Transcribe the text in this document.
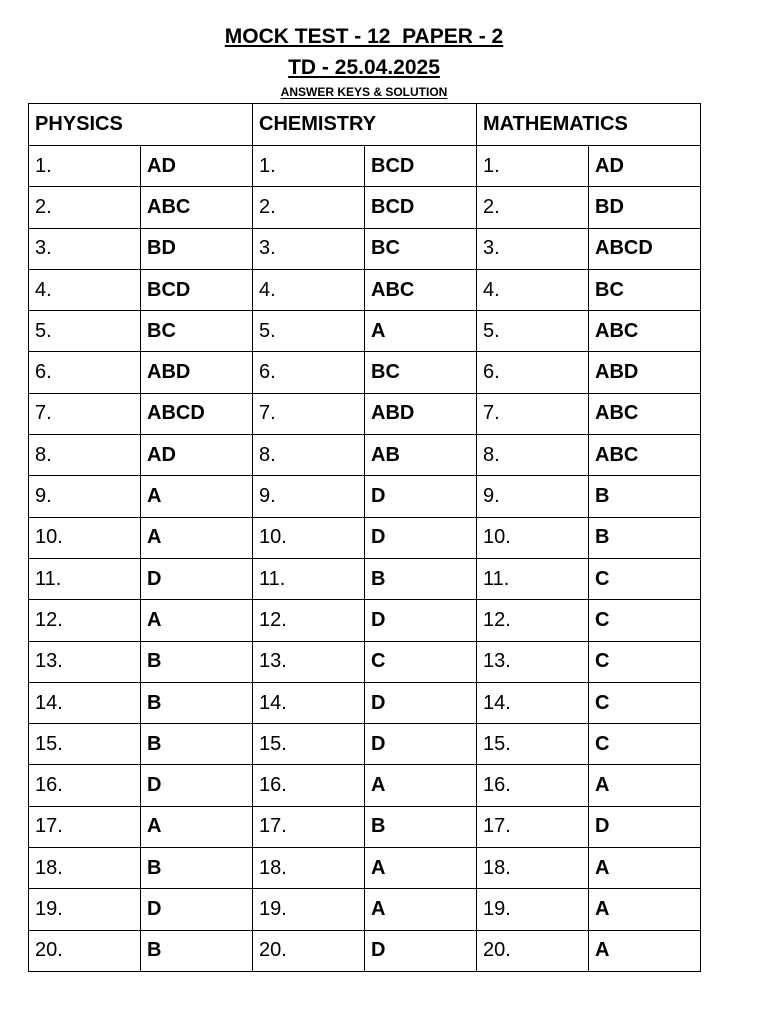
MOCK TEST - 12  PAPER - 2
TD - 25.04.2025
ANSWER KEYS & SOLUTION
PHYSICS		CHEMISTRY		MATHEMATICS	
1.	AD	1.	BCD	1.	AD
2.	ABC	2.	BCD	2.	BD
3.	BD	3.	BC	3.	ABCD
4.	BCD	4.	ABC	4.	BC
5.	BC	5.	A	5.	ABC
6.	ABD	6.	BC	6.	ABD
7.	ABCD	7.	ABD	7.	ABC
8.	AD	8.	AB	8.	ABC
9.	A	9.	D	9.	B
10.	A	10.	D	10.	B
11.	D	11.	B	11.	C
12.	A	12.	D	12.	C
13.	B	13.	C	13.	C
14.	B	14.	D	14.	C
15.	B	15.	D	15.	C
16.	D	16.	A	16.	A
17.	A	17.	B	17.	D
18.	B	18.	A	18.	A
19.	D	19.	A	19.	A
20.	B	20.	D	20.	A
